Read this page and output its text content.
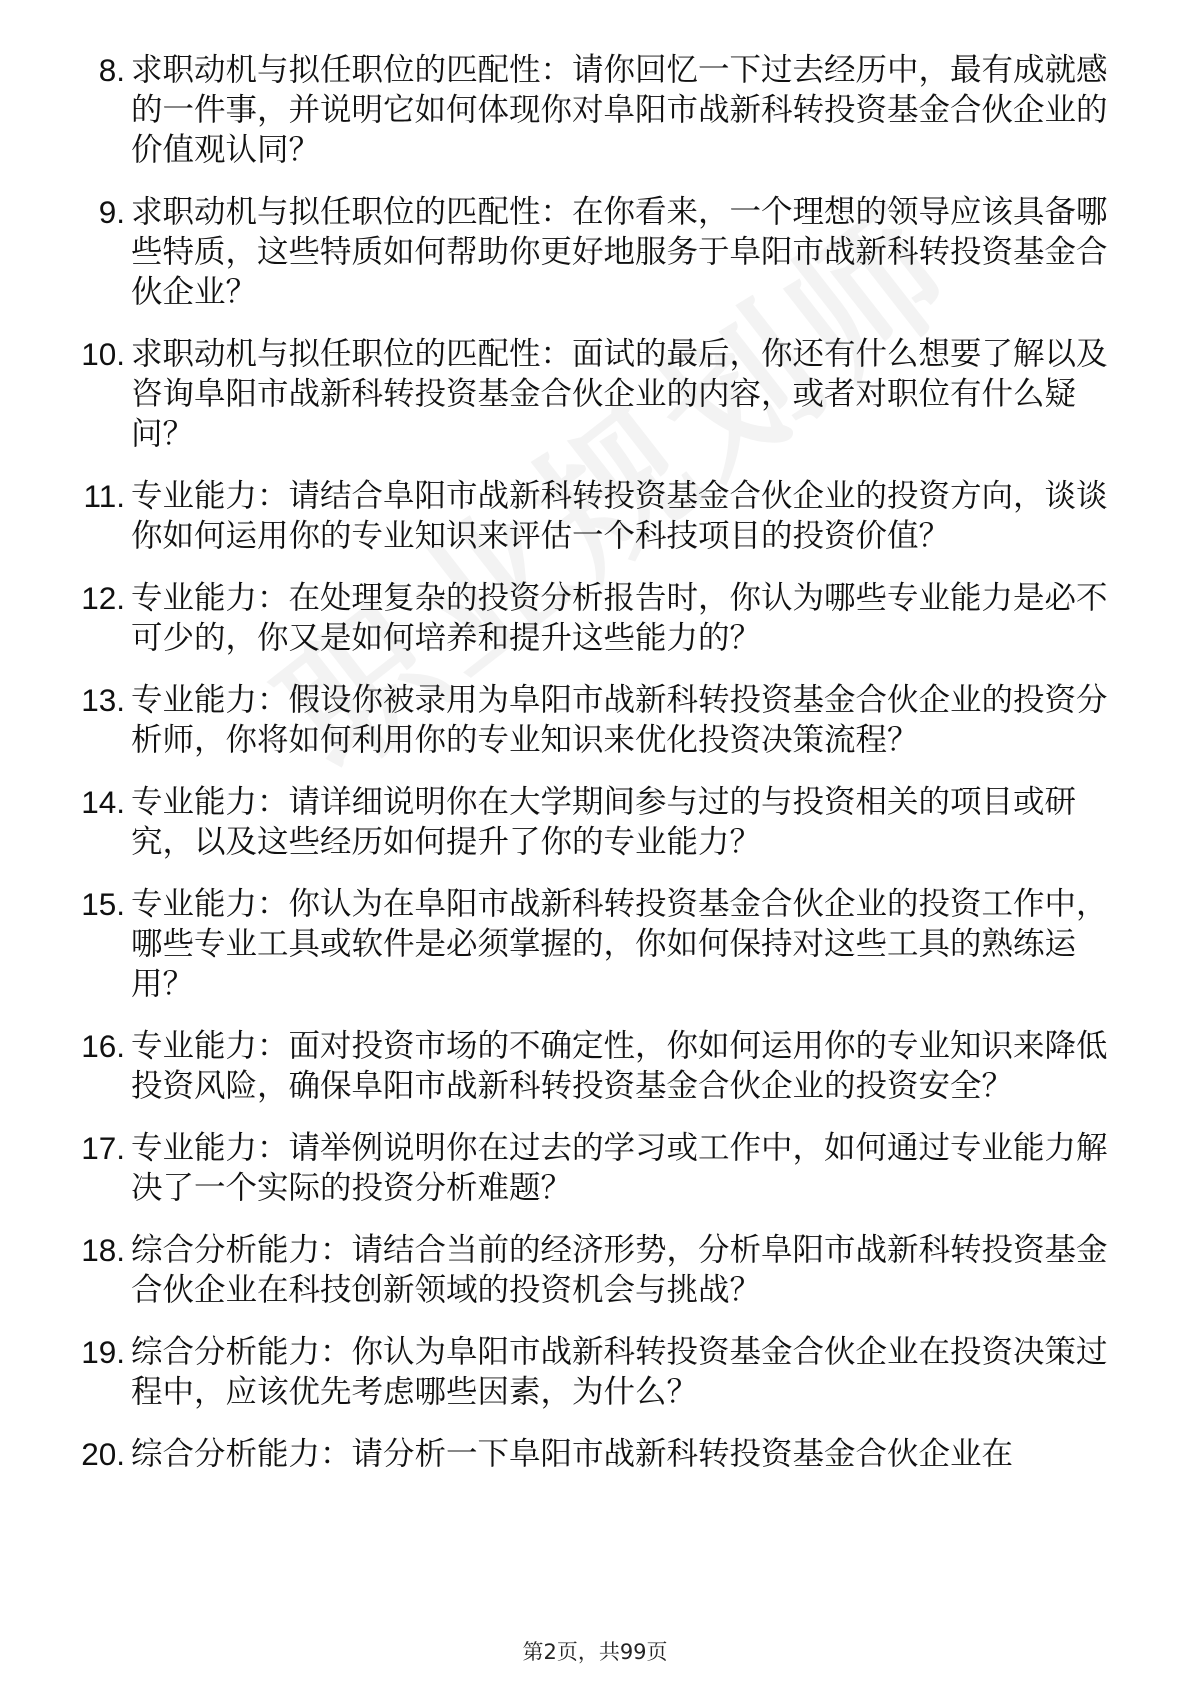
8. 求职动机与拟任职位的匹配性：请你回忆一下过去经历中，最有成就感的一件事，并说明它如何体现你对阜阳市战新科转投资基金合伙企业的价值观认同？
9. 求职动机与拟任职位的匹配性：在你看来，一个理想的领导应该具备哪些特质，这些特质如何帮助你更好地服务于阜阳市战新科转投资基金合伙企业？
10. 求职动机与拟任职位的匹配性：面试的最后，你还有什么想要了解以及咨询阜阳市战新科转投资基金合伙企业的内容，或者对职位有什么疑问？
11. 专业能力：请结合阜阳市战新科转投资基金合伙企业的投资方向，谈谈你如何运用你的专业知识来评估一个科技项目的投资价值？
12. 专业能力：在处理复杂的投资分析报告时，你认为哪些专业能力是必不可少的，你又是如何培养和提升这些能力的？
13. 专业能力：假设你被录用为阜阳市战新科转投资基金合伙企业的投资分析师，你将如何利用你的专业知识来优化投资决策流程？
14. 专业能力：请详细说明你在大学期间参与过的与投资相关的项目或研究，以及这些经历如何提升了你的专业能力？
15. 专业能力：你认为在阜阳市战新科转投资基金合伙企业的投资工作中，哪些专业工具或软件是必须掌握的，你如何保持对这些工具的熟练运用？
16. 专业能力：面对投资市场的不确定性，你如何运用你的专业知识来降低投资风险，确保阜阳市战新科转投资基金合伙企业的投资安全？
17. 专业能力：请举例说明你在过去的学习或工作中，如何通过专业能力解决了一个实际的投资分析难题？
18. 综合分析能力：请结合当前的经济形势，分析阜阳市战新科转投资基金合伙企业在科技创新领域的投资机会与挑战？
19. 综合分析能力：你认为阜阳市战新科转投资基金合伙企业在投资决策过程中，应该优先考虑哪些因素，为什么？
20. 综合分析能力：请分析一下阜阳市战新科转投资基金合伙企业在
第2页，共99页
